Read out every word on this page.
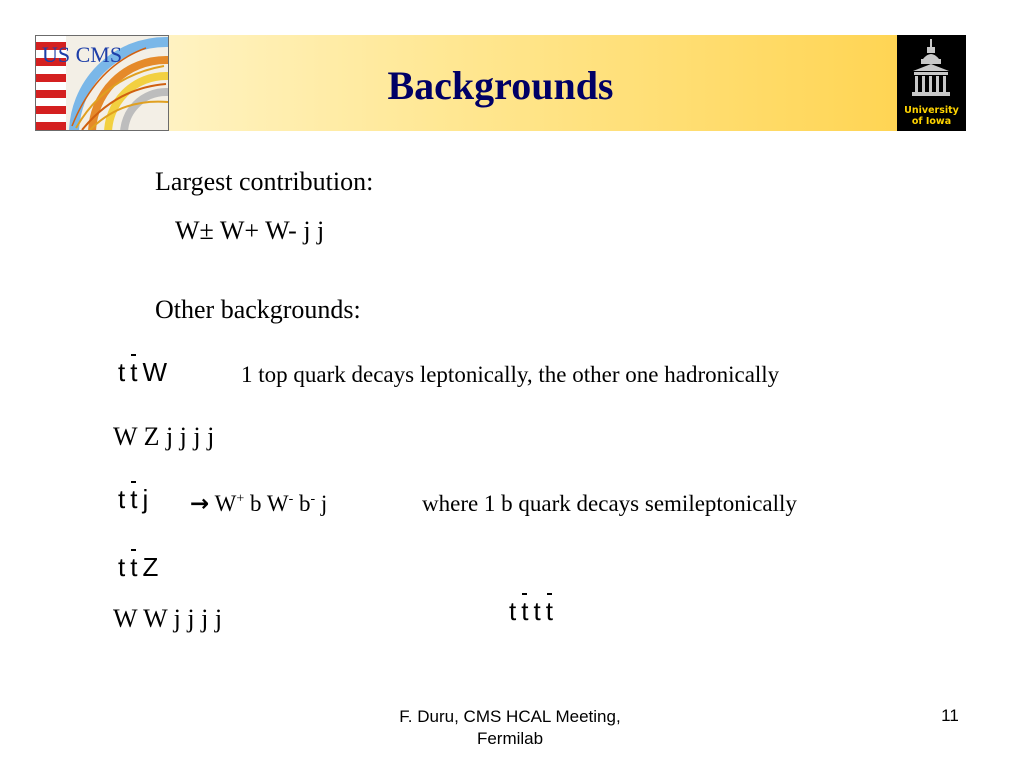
Backgrounds
US CMS
University
of Iowa
Largest contribution:
W± W+ W- j j
Other backgrounds:
ttW	1 top quark decays leptonically, the other one hadronically
W Z j j j j
ttj → W+ b W- b- j	where 1 b quark decays semileptonically
ttZ
W W j j j j	tttt
F. Duru, CMS HCAL Meeting,
Fermilab
11
